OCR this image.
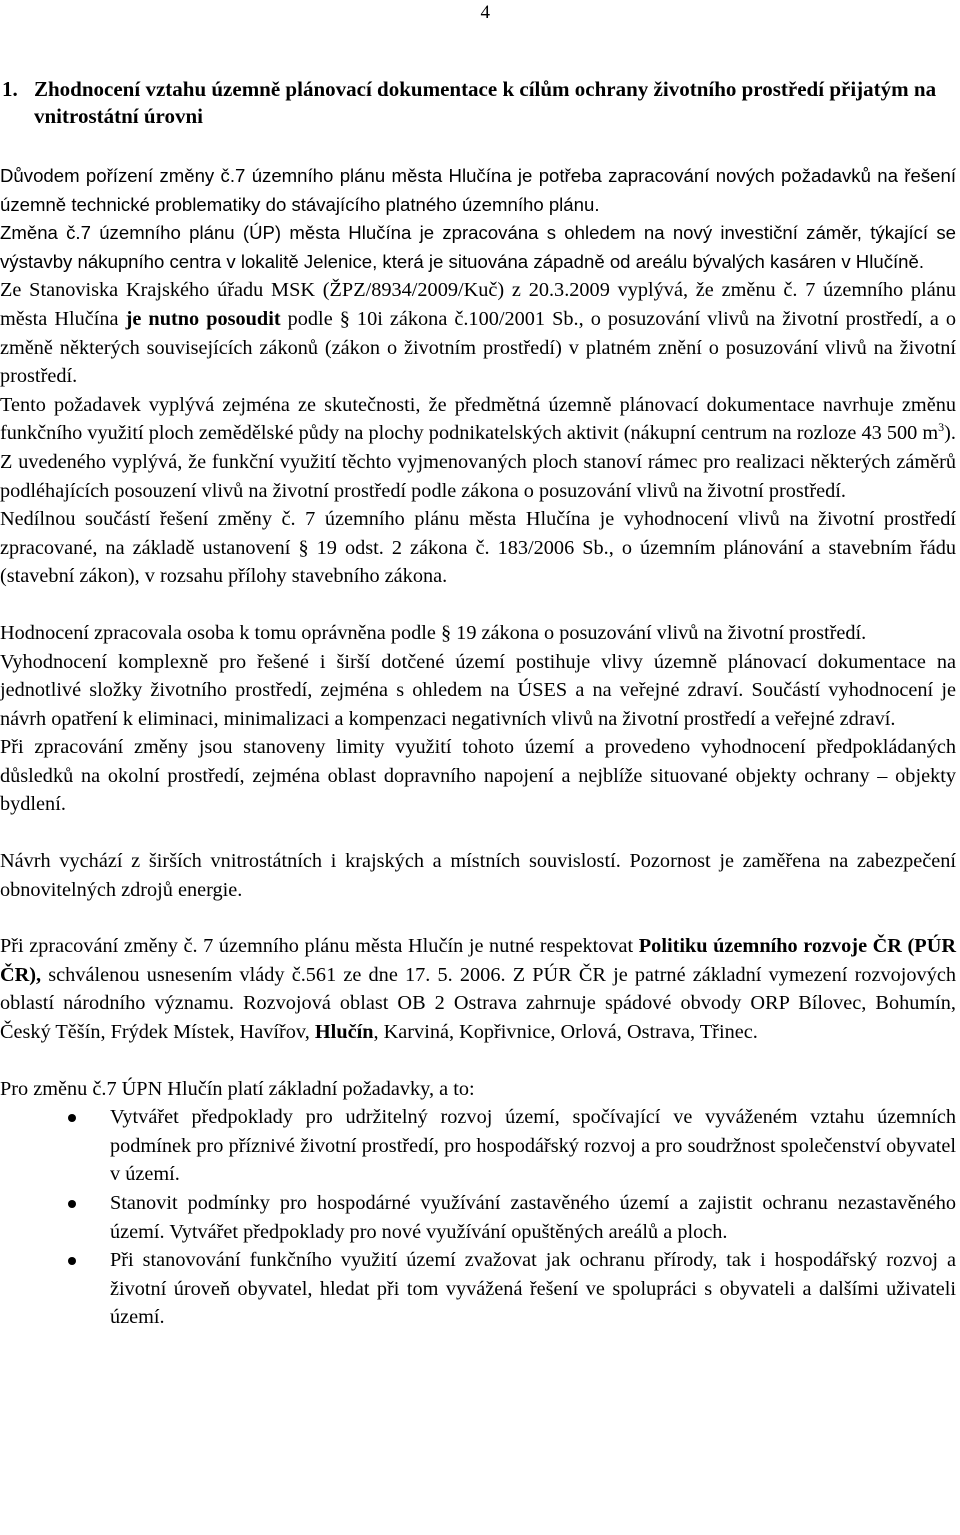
4
1. Zhodnocení vztahu územně plánovací dokumentace k cílům ochrany životního prostředí přijatým na vnitrostátní úrovni

Důvodem pořízení změny č.7 územního plánu města Hlučína je potřeba zapracování nových požadavků na řešení územně technické problematiky do stávajícího platného územního plánu.

Změna č.7 územního plánu (ÚP) města Hlučína je zpracována s ohledem na nový investiční záměr, týkající se výstavby nákupního centra v lokalitě Jelenice, která je situována západně od areálu bývalých kasáren v Hlučíně.

Ze Stanoviska Krajského úřadu MSK (ŽPZ/8934/2009/Kuč) z 20.3.2009 vyplývá, že změnu č. 7 územního plánu města Hlučína je nutno posoudit podle § 10i zákona č.100/2001 Sb., o posuzování vlivů na životní prostředí, a o změně některých souvisejících zákonů (zákon o životním prostředí) v platném znění o posuzování vlivů na životní prostředí.

Tento požadavek vyplývá zejména ze skutečnosti, že předmětná územně plánovací dokumentace navrhuje změnu funkčního využití ploch zemědělské půdy na plochy podnikatelských aktivit (nákupní centrum na rozloze 43 500 $m^3$). Z uvedeného vyplývá, že funkční využití těchto vyjmenovaných ploch stanoví rámec pro realizaci některých záměrů podléhajících posouzení vlivů na životní prostředí podle zákona o posuzování vlivů na životní prostředí.

Nedílnou součástí řešení změny č. 7 územního plánu města Hlučína je vyhodnocení vlivů na životní prostředí zpracované, na základě ustanovení § 19 odst. 2 zákona č. 183/2006 Sb., o územním plánování a stavebním řádu (stavební zákon), v rozsahu přílohy stavebního zákona.

Hodnocení zpracovala osoba k tomu oprávněna podle § 19 zákona o posuzování vlivů na životní prostředí.

Vyhodnocení komplexně pro řešené i širší dotčené území postihuje vlivy územně plánovací dokumentace na jednotlivé složky životního prostředí, zejména s ohledem na ÚSES a na veřejné zdraví. Součástí vyhodnocení je návrh opatření k eliminaci, minimalizaci a kompenzaci negativních vlivů na životní prostředí a veřejné zdraví.

Při zpracování změny jsou stanoveny limity využití tohoto území a provedeno vyhodnocení předpokládaných důsledků na okolní prostředí, zejména oblast dopravního napojení a nejblíže situované objekty ochrany – objekty bydlení.

Návrh vychází z širších vnitrostátních i krajských a místních souvislostí. Pozornost je zaměřena na zabezpečení obnovitelných zdrojů energie.

Při zpracování změny č. 7 územního plánu města Hlučín je nutné respektovat Politiku územního rozvoje ČR (PÚR ČR), schválenou usnesením vlády č.561 ze dne 17. 5. 2006. Z PÚR ČR je patrné základní vymezení rozvojových oblastí národního významu. Rozvojová oblast OB 2 Ostrava zahrnuje spádové obvody ORP Bílovec, Bohumín, Český Těšín, Frýdek Místek, Havířov, Hlučín, Karviná, Kopřivnice, Orlová, Ostrava, Třinec.

Pro změnu č.7 ÚPN Hlučín platí základní požadavky, a to:

Vytvářet předpoklady pro udržitelný rozvoj území, spočívající ve vyváženém vztahu územních podmínek pro příznivé životní prostředí, pro hospodářský rozvoj a pro soudržnost společenství obyvatel v území.
Stanovit podmínky pro hospodárné využívání zastavěného území a zajistit ochranu nezastavěného území. Vytvářet předpoklady pro nové využívání opuštěných areálů a ploch.
Při stanovování funkčního využití území zvažovat jak ochranu přírody, tak i hospodářský rozvoj a životní úroveň obyvatel, hledat při tom vyvážená řešení ve spolupráci s obyvateli a dalšími uživateli území.
